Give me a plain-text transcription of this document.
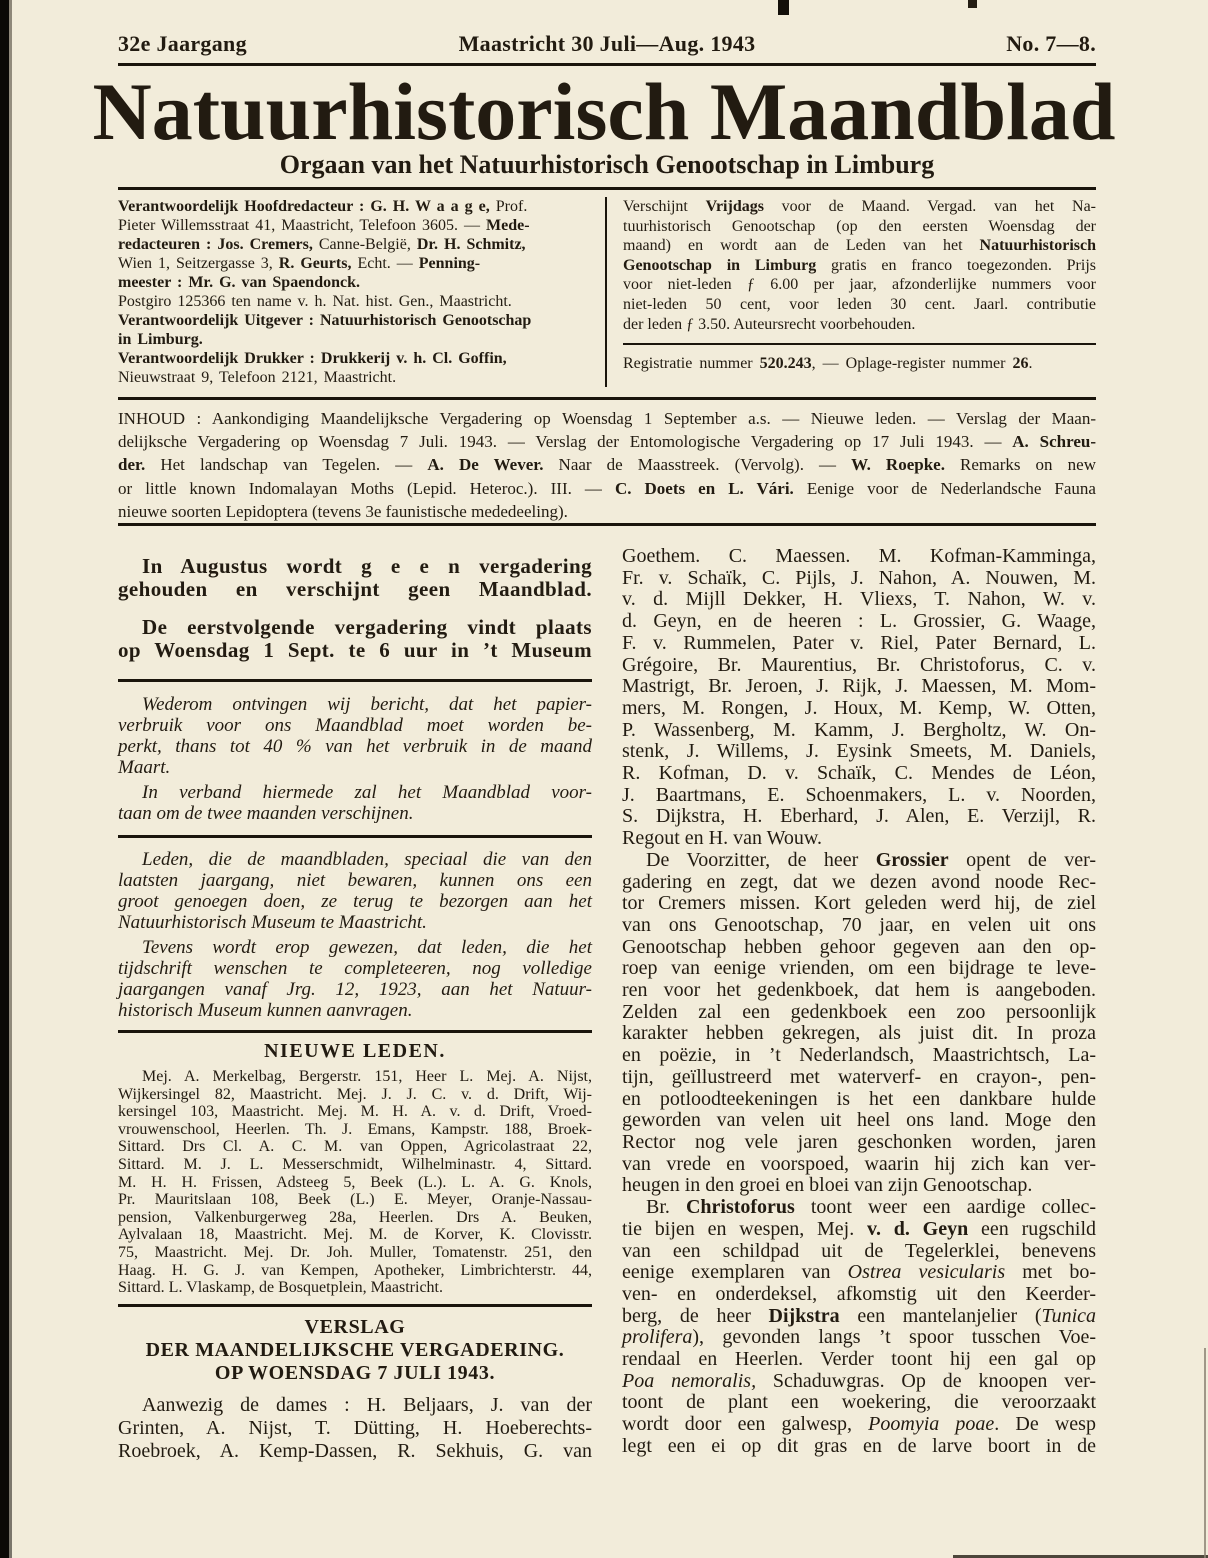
32e Jaargang	Maastricht 30 Juli—Aug. 1943	No. 7—8.
Natuurhistorisch Maandblad
Orgaan van het Natuurhistorisch Genootschap in Limburg
Verantwoordelijk Hoofdredacteur : G. H. W a a g e, Prof.
Pieter Willemsstraat 41, Maastricht, Telefoon 3605. — Mede-
redacteuren : Jos. Cremers, Canne-België, Dr. H. Schmitz,
Wien 1, Seitzergasse 3, R. Geurts, Echt. — Penning-
meester : Mr. G. van Spaendonck.
Postgiro 125366 ten name v. h. Nat. hist. Gen., Maastricht.
Verantwoordelijk Uitgever : Natuurhistorisch Genootschap
in Limburg.
Verantwoordelijk Drukker : Drukkerij v. h. Cl. Goffin,
Nieuwstraat 9, Telefoon 2121, Maastricht.
Verschijnt Vrijdags voor de Maand. Vergad. van het Na-
tuurhistorisch Genootschap (op den eersten Woensdag der
maand) en wordt aan de Leden van het Natuurhistorisch
Genootschap in Limburg gratis en franco toegezonden. Prijs
voor niet-leden ƒ 6.00 per jaar, afzonderlijke nummers voor
niet-leden 50 cent, voor leden 30 cent. Jaarl. contributie
der leden ƒ 3.50. Auteursrecht voorbehouden.
Registratie nummer 520.243, — Oplage-register nummer 26.
INHOUD : Aankondiging Maandelijksche Vergadering op Woensdag 1 September a.s. — Nieuwe leden. — Verslag der Maan-
delijksche Vergadering op Woensdag 7 Juli. 1943. — Verslag der Entomologische Vergadering op 17 Juli 1943. — A. Schreu-
der. Het landschap van Tegelen. — A. De Wever. Naar de Maasstreek. (Vervolg). — W. Roepke. Remarks on new
or little known Indomalayan Moths (Lepid. Heteroc.). III. — C. Doets en L. Vári. Eenige voor de Nederlandsche Fauna
nieuwe soorten Lepidoptera (tevens 3e faunistische mededeeling).
In Augustus wordt g e e n vergadering
gehouden en verschijnt geen Maandblad.
De eerstvolgende vergadering vindt plaats
op Woensdag 1 Sept. te 6 uur in ’t Museum
Wederom ontvingen wij bericht, dat het papier-
verbruik voor ons Maandblad moet worden be-
perkt, thans tot 40 % van het verbruik in de maand
Maart.
In verband hiermede zal het Maandblad voor-
taan om de twee maanden verschijnen.
Leden, die de maandbladen, speciaal die van den
laatsten jaargang, niet bewaren, kunnen ons een
groot genoegen doen, ze terug te bezorgen aan het
Natuurhistorisch Museum te Maastricht.
Tevens wordt erop gewezen, dat leden, die het
tijdschrift wenschen te completeeren, nog volledige
jaargangen vanaf Jrg. 12, 1923, aan het Natuur-
historisch Museum kunnen aanvragen.
NIEUWE LEDEN.
Mej. A. Merkelbag, Bergerstr. 151, Heer L. Mej. A. Nijst,
Wijkersingel 82, Maastricht. Mej. J. J. C. v. d. Drift, Wij-
kersingel 103, Maastricht. Mej. M. H. A. v. d. Drift, Vroed-
vrouwenschool, Heerlen. Th. J. Emans, Kampstr. 188, Broek-
Sittard. Drs Cl. A. C. M. van Oppen, Agricolastraat 22,
Sittard. M. J. L. Messerschmidt, Wilhelminastr. 4, Sittard.
M. H. H. Frissen, Adsteeg 5, Beek (L.). L. A. G. Knols,
Pr. Mauritslaan 108, Beek (L.) E. Meyer, Oranje-Nassau-
pension, Valkenburgerweg 28a, Heerlen. Drs A. Beuken,
Aylvalaan 18, Maastricht. Mej. M. de Korver, K. Clovisstr.
75, Maastricht. Mej. Dr. Joh. Muller, Tomatenstr. 251, den
Haag. H. G. J. van Kempen, Apotheker, Limbrichterstr. 44,
Sittard. L. Vlaskamp, de Bosquetplein, Maastricht.
VERSLAG
DER MAANDELIJKSCHE VERGADERING.
OP WOENSDAG 7 JULI 1943.
Aanwezig de dames : H. Beljaars, J. van der
Grinten, A. Nijst, T. Dütting, H. Hoeberechts-
Roebroek, A. Kemp-Dassen, R. Sekhuis, G. van
Goethem. C. Maessen. M. Kofman-Kamminga,
Fr. v. Schaïk, C. Pijls, J. Nahon, A. Nouwen, M.
v. d. Mijll Dekker, H. Vliexs, T. Nahon, W. v.
d. Geyn, en de heeren : L. Grossier, G. Waage,
F. v. Rummelen, Pater v. Riel, Pater Bernard, L.
Grégoire, Br. Maurentius, Br. Christoforus, C. v.
Mastrigt, Br. Jeroen, J. Rijk, J. Maessen, M. Mom-
mers, M. Rongen, J. Houx, M. Kemp, W. Otten,
P. Wassenberg, M. Kamm, J. Bergholtz, W. On-
stenk, J. Willems, J. Eysink Smeets, M. Daniels,
R. Kofman, D. v. Schaïk, C. Mendes de Léon,
J. Baartmans, E. Schoenmakers, L. v. Noorden,
S. Dijkstra, H. Eberhard, J. Alen, E. Verzijl, R.
Regout en H. van Wouw.
De Voorzitter, de heer Grossier opent de ver-
gadering en zegt, dat we dezen avond noode Rec-
tor Cremers missen. Kort geleden werd hij, de ziel
van ons Genootschap, 70 jaar, en velen uit ons
Genootschap hebben gehoor gegeven aan den op-
roep van eenige vrienden, om een bijdrage te leve-
ren voor het gedenkboek, dat hem is aangeboden.
Zelden zal een gedenkboek een zoo persoonlijk
karakter hebben gekregen, als juist dit. In proza
en poëzie, in ’t Nederlandsch, Maastrichtsch, La-
tijn, geïllustreerd met waterverf- en crayon-, pen-
en potloodteekeningen is het een dankbare hulde
geworden van velen uit heel ons land. Moge den
Rector nog vele jaren geschonken worden, jaren
van vrede en voorspoed, waarin hij zich kan ver-
heugen in den groei en bloei van zijn Genootschap.
Br. Christoforus toont weer een aardige collec-
tie bijen en wespen, Mej. v. d. Geyn een rugschild
van een schildpad uit de Tegelerklei, benevens
eenige exemplaren van Ostrea vesicularis met bo-
ven- en onderdeksel, afkomstig uit den Keerder-
berg, de heer Dijkstra een mantelanjelier (Tunica
prolifera), gevonden langs ’t spoor tusschen Voe-
rendaal en Heerlen. Verder toont hij een gal op
Poa nemoralis, Schaduwgras. Op de knoopen ver-
toont de plant een woekering, die veroorzaakt
wordt door een galwesp, Poomyia poae. De wesp
legt een ei op dit gras en de larve boort in de
